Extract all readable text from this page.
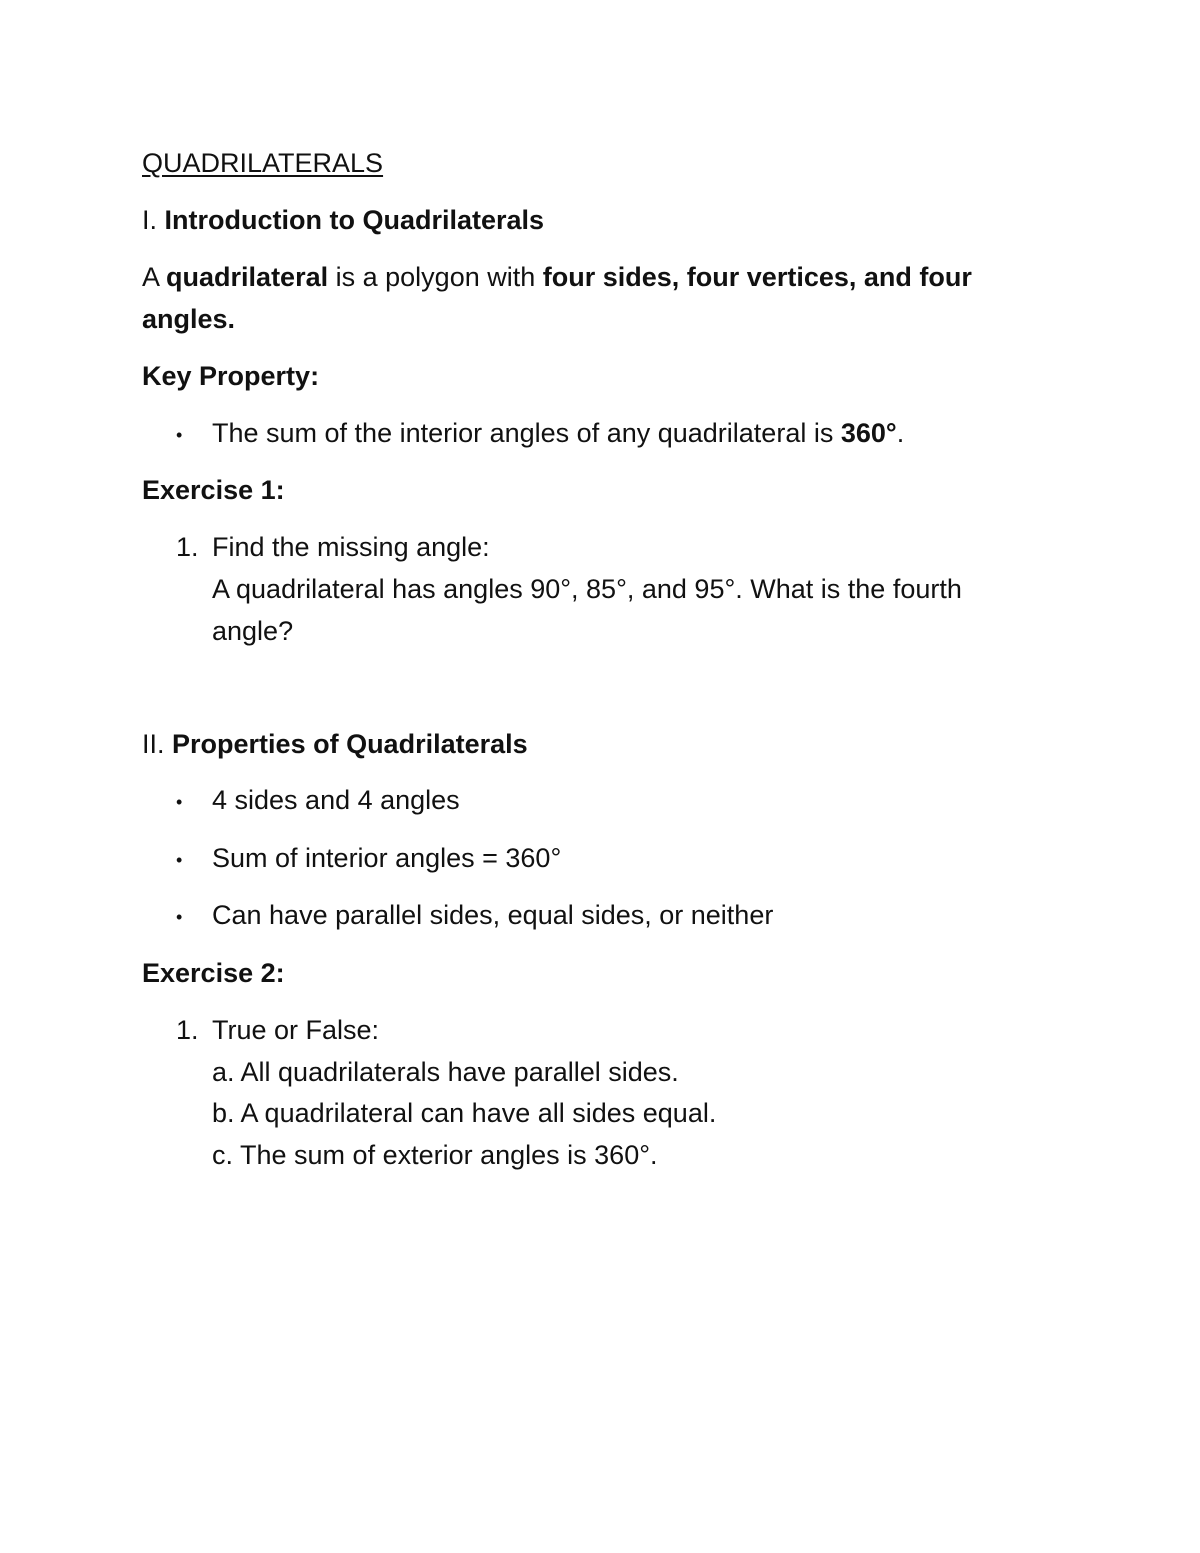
QUADRILATERALS
I. Introduction to Quadrilaterals
A quadrilateral is a polygon with four sides, four vertices, and four
angles.
Key Property:
• The sum of the interior angles of any quadrilateral is 360°.
Exercise 1:
1. Find the missing angle:
A quadrilateral has angles 90°, 85°, and 95°. What is the fourth
angle?
II. Properties of Quadrilaterals
• 4 sides and 4 angles
• Sum of interior angles = 360°
• Can have parallel sides, equal sides, or neither
Exercise 2:
1. True or False:
a. All quadrilaterals have parallel sides.
b. A quadrilateral can have all sides equal.
c. The sum of exterior angles is 360°.
